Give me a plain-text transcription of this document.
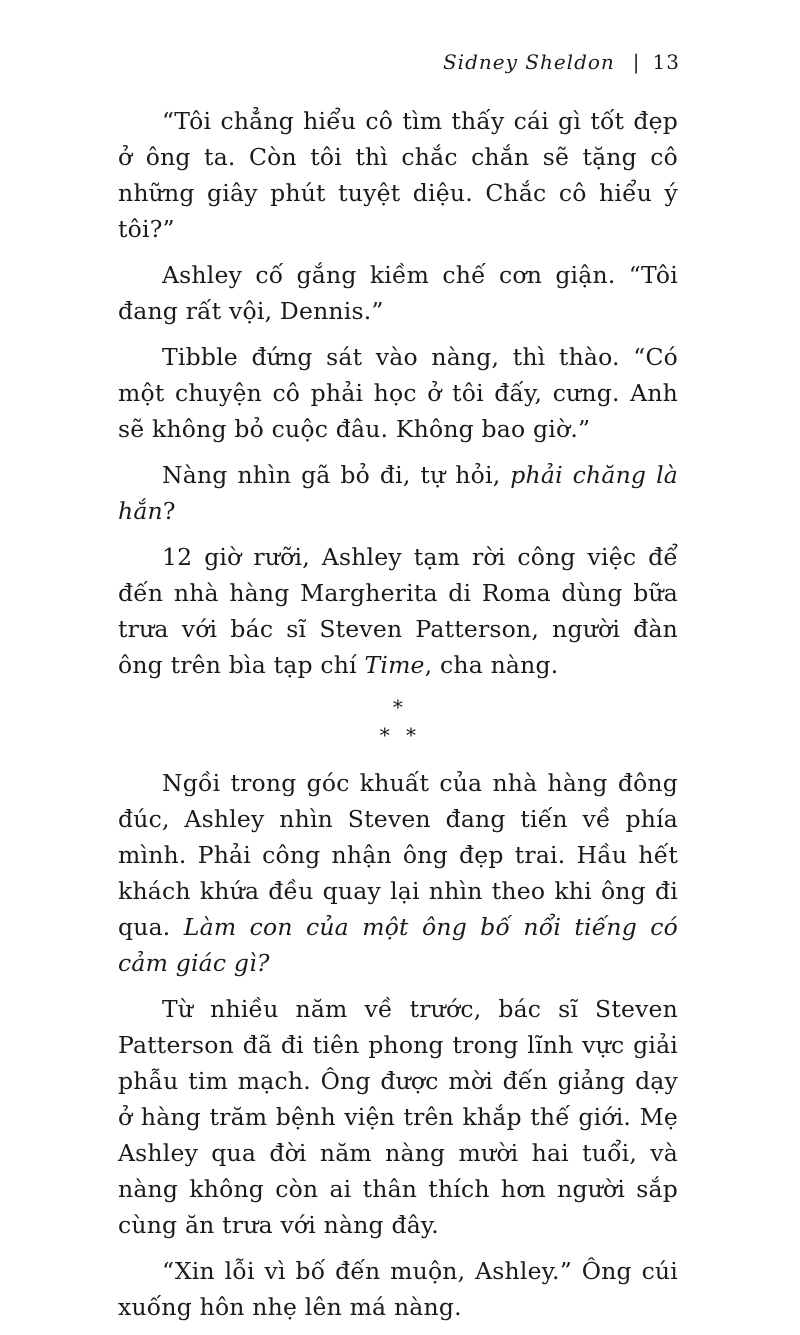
Sidney Sheldon | 13

“Tôi chẳng hiểu cô tìm thấy cái gì tốt đẹp ở ông ta. Còn tôi thì chắc chắn sẽ tặng cô những giây phút tuyệt diệu. Chắc cô hiểu ý tôi?”

Ashley cố gắng kiềm chế cơn giận. “Tôi đang rất vội, Dennis.”

Tibble đứng sát vào nàng, thì thào. “Có một chuyện cô phải học ở tôi đấy, cưng. Anh sẽ không bỏ cuộc đâu. Không bao giờ.”

Nàng nhìn gã bỏ đi, tự hỏi, phải chăng là hắn?

12 giờ rưỡi, Ashley tạm rời công việc để đến nhà hàng Margherita di Roma dùng bữa trưa với bác sĩ Steven Patterson, người đàn ông trên bìa tạp chí Time, cha nàng.

*
* *

Ngồi trong góc khuất của nhà hàng đông đúc, Ashley nhìn Steven đang tiến về phía mình. Phải công nhận ông đẹp trai. Hầu hết khách khứa đều quay lại nhìn theo khi ông đi qua. Làm con của một ông bố nổi tiếng có cảm giác gì?

Từ nhiều năm về trước, bác sĩ Steven Patterson đã đi tiên phong trong lĩnh vực giải phẫu tim mạch. Ông được mời đến giảng dạy ở hàng trăm bệnh viện trên khắp thế giới. Mẹ Ashley qua đời năm nàng mười hai tuổi, và nàng không còn ai thân thích hơn người sắp cùng ăn trưa với nàng đây.

“Xin lỗi vì bố đến muộn, Ashley.” Ông cúi xuống hôn nhẹ lên má nàng.
